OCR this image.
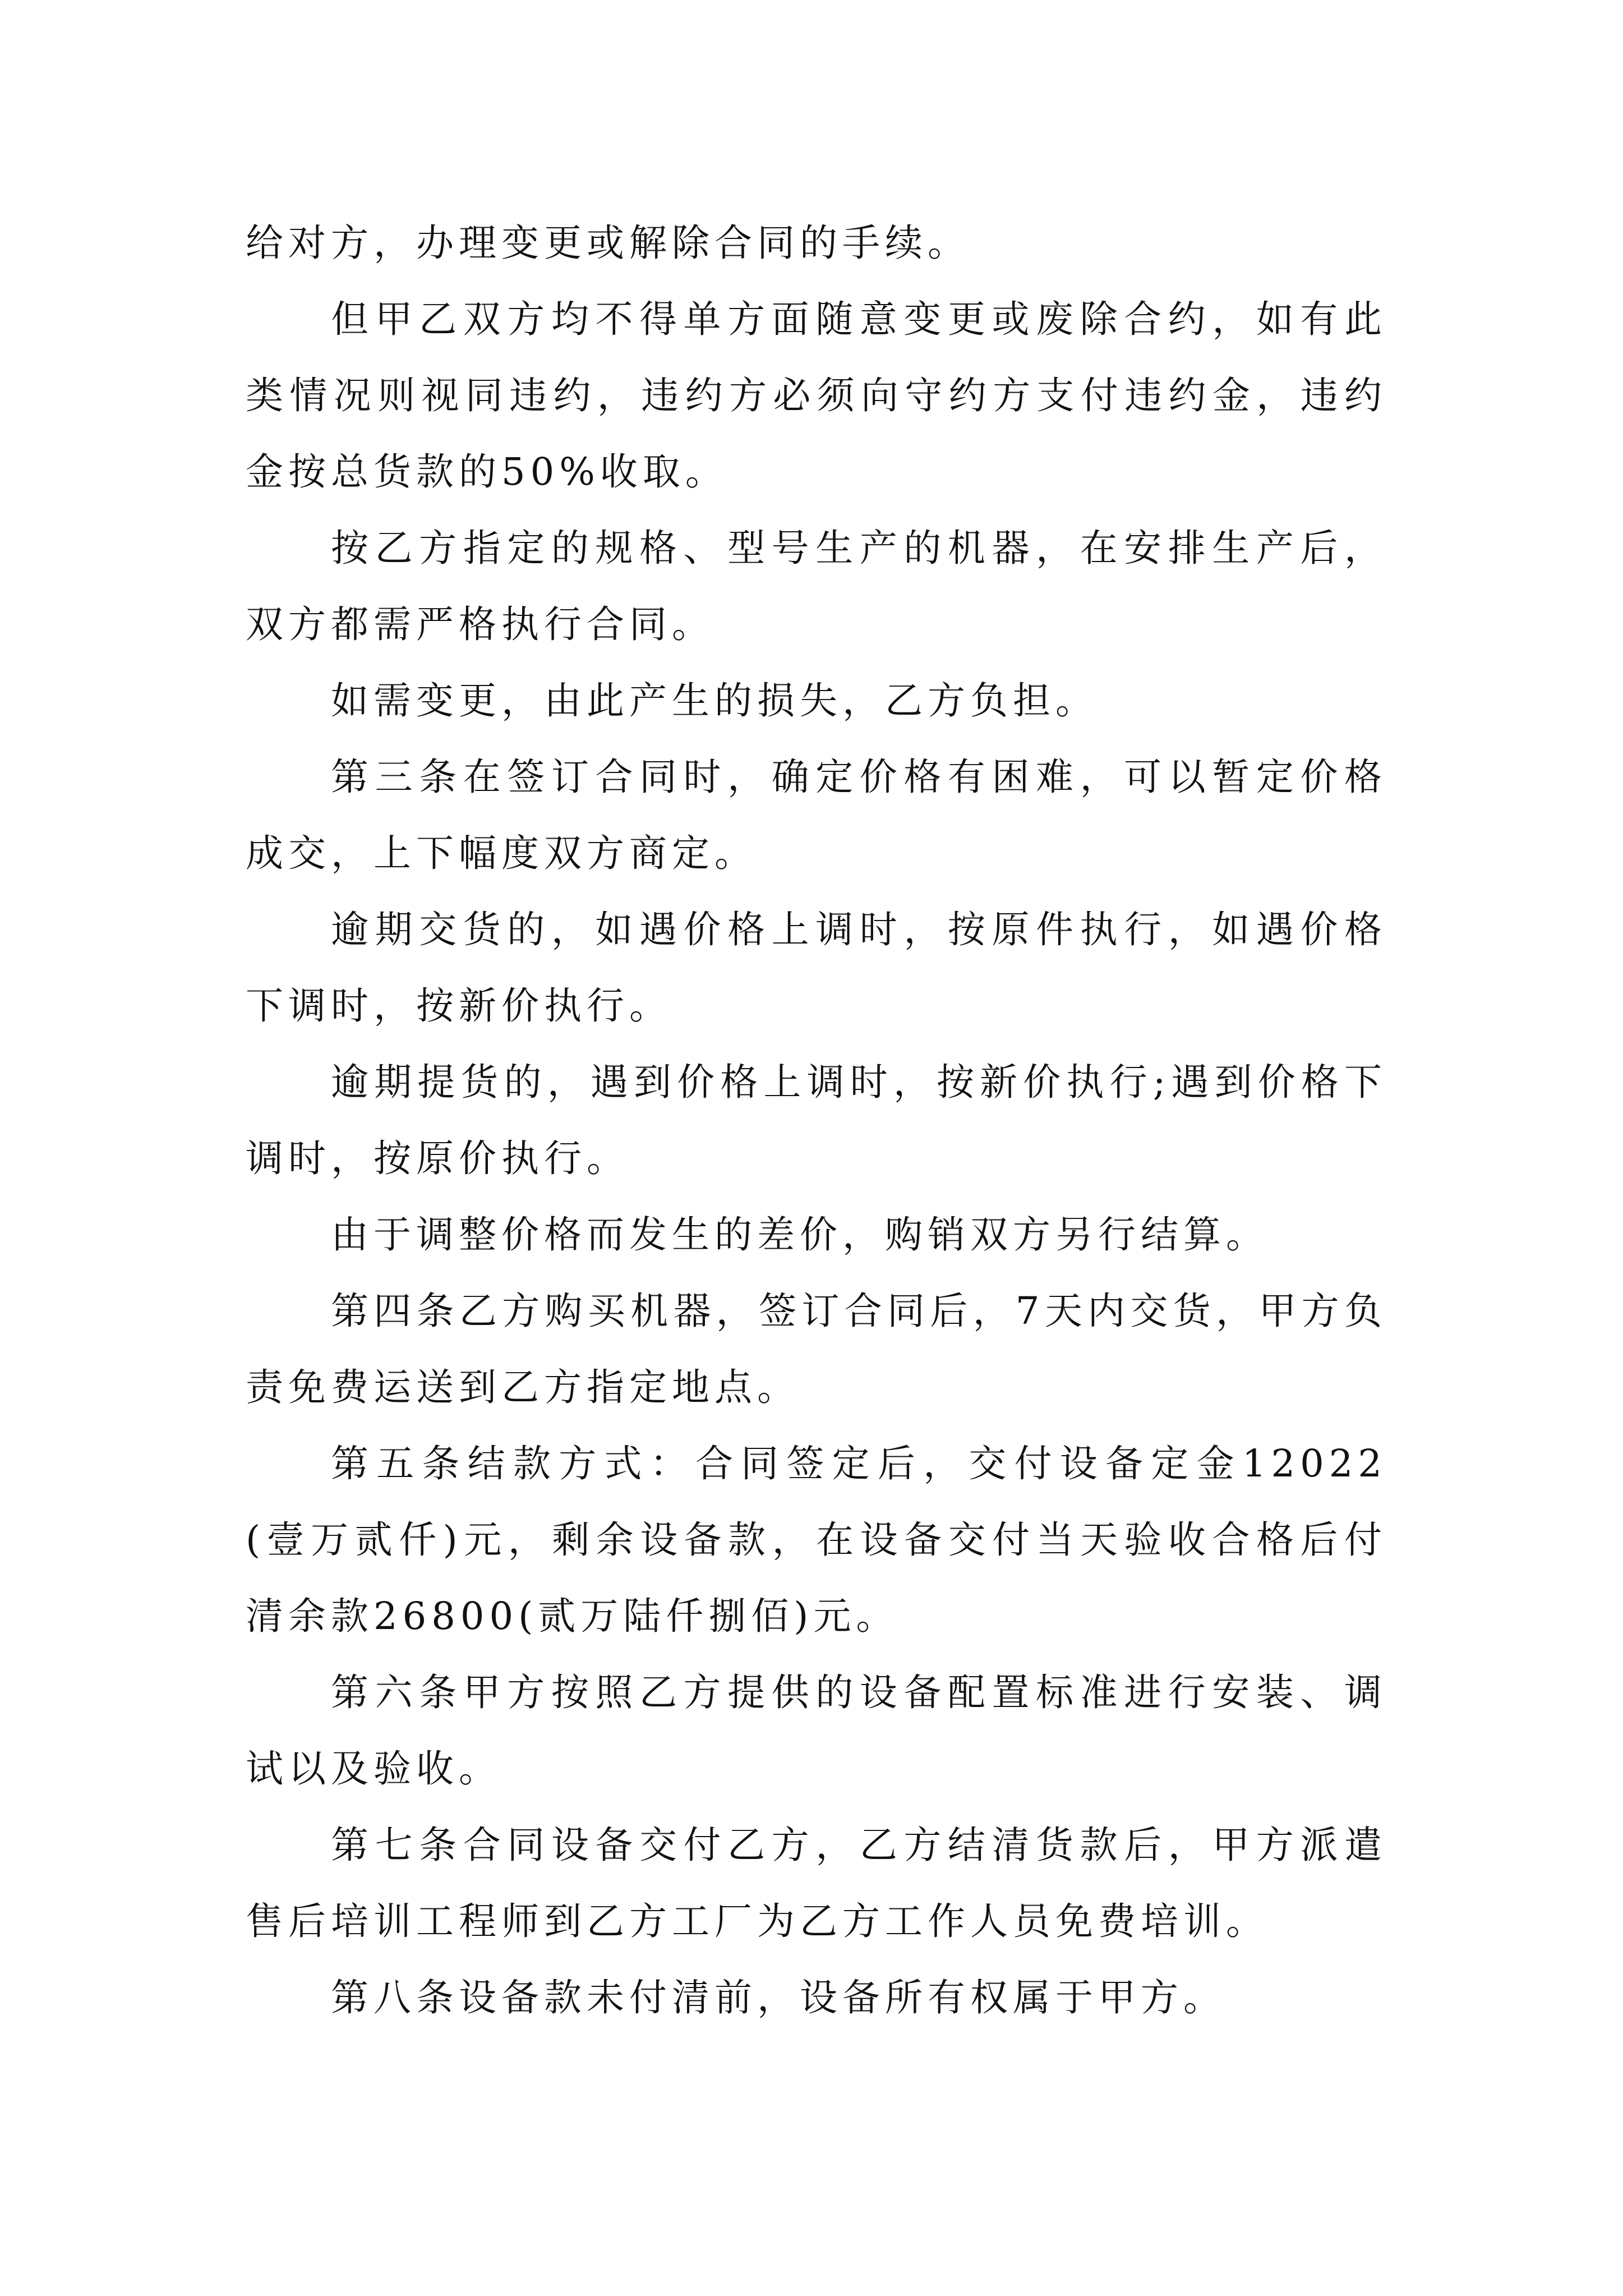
给对方，办理变更或解除合同的手续。

但甲乙双方均不得单方面随意变更或废除合约，如有此类情况则视同违约，违约方必须向守约方支付违约金，违约金按总货款的50%收取。

按乙方指定的规格、型号生产的机器，在安排生产后，双方都需严格执行合同。

如需变更，由此产生的损失，乙方负担。

第三条在签订合同时，确定价格有困难，可以暂定价格成交，上下幅度双方商定。

逾期交货的，如遇价格上调时，按原件执行，如遇价格下调时，按新价执行。

逾期提货的，遇到价格上调时，按新价执行;遇到价格下调时，按原价执行。

由于调整价格而发生的差价，购销双方另行结算。

第四条乙方购买机器，签订合同后，7天内交货，甲方负责免费运送到乙方指定地点。

第五条结款方式：合同签定后，交付设备定金12022(壹万贰仟)元，剩余设备款，在设备交付当天验收合格后付清余款26800(贰万陆仟捌佰)元。

第六条甲方按照乙方提供的设备配置标准进行安装、调试以及验收。

第七条合同设备交付乙方，乙方结清货款后，甲方派遣售后培训工程师到乙方工厂为乙方工作人员免费培训。

第八条设备款未付清前，设备所有权属于甲方。
